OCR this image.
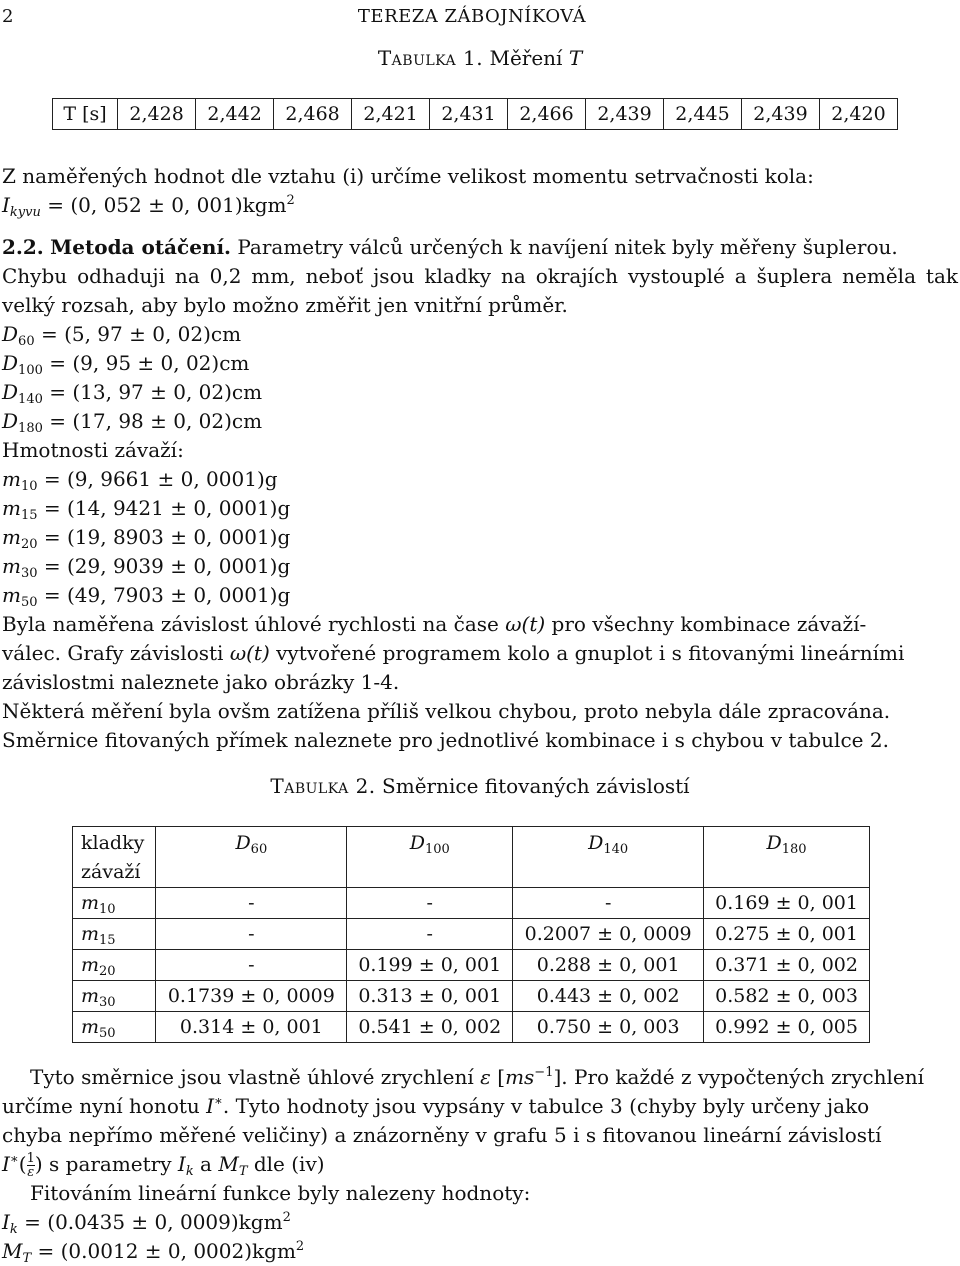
2	TEREZA ZÁBOJNÍKOVÁ
Tabulka 1. Měření T
T [s]	2,428	2,442	2,468	2,421	2,431	2,466	2,439	2,445	2,439	2,420
Z naměřených hodnot dle vztahu (i) určíme velikost momentu setrvačnosti kola:
$I_{kyvu} = (0$, 052 ± 0, 001)kgm$^2$
2.2. Metoda otáčení. Parametry válců určených k navíjení nitek byly měřeny šuplerou.
Chybu odhaduji na 0,2 mm, neboť jsou kladky na okrajích vystouplé a šuplera neměla tak velký rozsah, aby bylo možno změřit jen vnitřní průměr.
$D_{60} = (5$, 97 ± 0, 02)cm
$D_{100} = (9$, 95 ± 0, 02)cm
$D_{140} = (13$, 97 ± 0, 02)cm
$D_{180} = (17$, 98 ± 0, 02)cm
Hmotnosti závaží:
$m_{10} = (9$, 9661 ± 0, 0001)g
$m_{15} = (14$, 9421 ± 0, 0001)g
$m_{20} = (19$, 8903 ± 0, 0001)g
$m_{30} = (29$, 9039 ± 0, 0001)g
$m_{50} = (49$, 7903 ± 0, 0001)g
Byla naměřena závislost úhlové rychlosti na čase ω(t) pro všechny kombinace závaží-
válec. Grafy závislosti ω(t) vytvořené programem kolo a gnuplot i s fitovanými lineárními
závislostmi naleznete jako obrázky 1-4.
Některá měření byla ovšm zatížena příliš velkou chybou, proto nebyla dále zpracována.
Směrnice fitovaných přímek naleznete pro jednotlivé kombinace i s chybou v tabulce 2.
Tabulka 2. Směrnice fitovaných závislostí
kladky
závaží	$D_{60}$	$D_{100}$	$D_{140}$	$D_{180}$
$m_{10}$	-	-	-	0.169 ± 0, 001
$m_{15}$	-	-	0.2007 ± 0, 0009	0.275 ± 0, 001
$m_{20}$	-	0.199 ± 0, 001	0.288 ± 0, 001	0.371 ± 0, 002
$m_{30}$	0.1739 ± 0, 0009	0.313 ± 0, 001	0.443 ± 0, 002	0.582 ± 0, 003
$m_{50}$	0.314 ± 0, 001	0.541 ± 0, 002	0.750 ± 0, 003	0.992 ± 0, 005
Tyto směrnice jsou vlastně úhlové zrychlení ε $[ms^{-1}]$. Pro každé z vypočtených zrychlení
určíme nyní honotu I∗. Tyto hodnoty jsou vypsány v tabulce 3 (chyby byly určeny jako
chyba nepřímo měřené veličiny) a znázorněny v grafu 5 i s fitovanou lineární závislostí
$I^∗( \frac{1}{\varepsilon}$ ) s parametry $I_k$ a $M_T$ dle (iv)
Fitováním lineární funkce byly nalezeny hodnoty:
$I_k = (0.0435 \pm 0$, 0009)kgm$^2$
$M_T = (0.0012 \pm 0$, 0002)kgm$^2$
